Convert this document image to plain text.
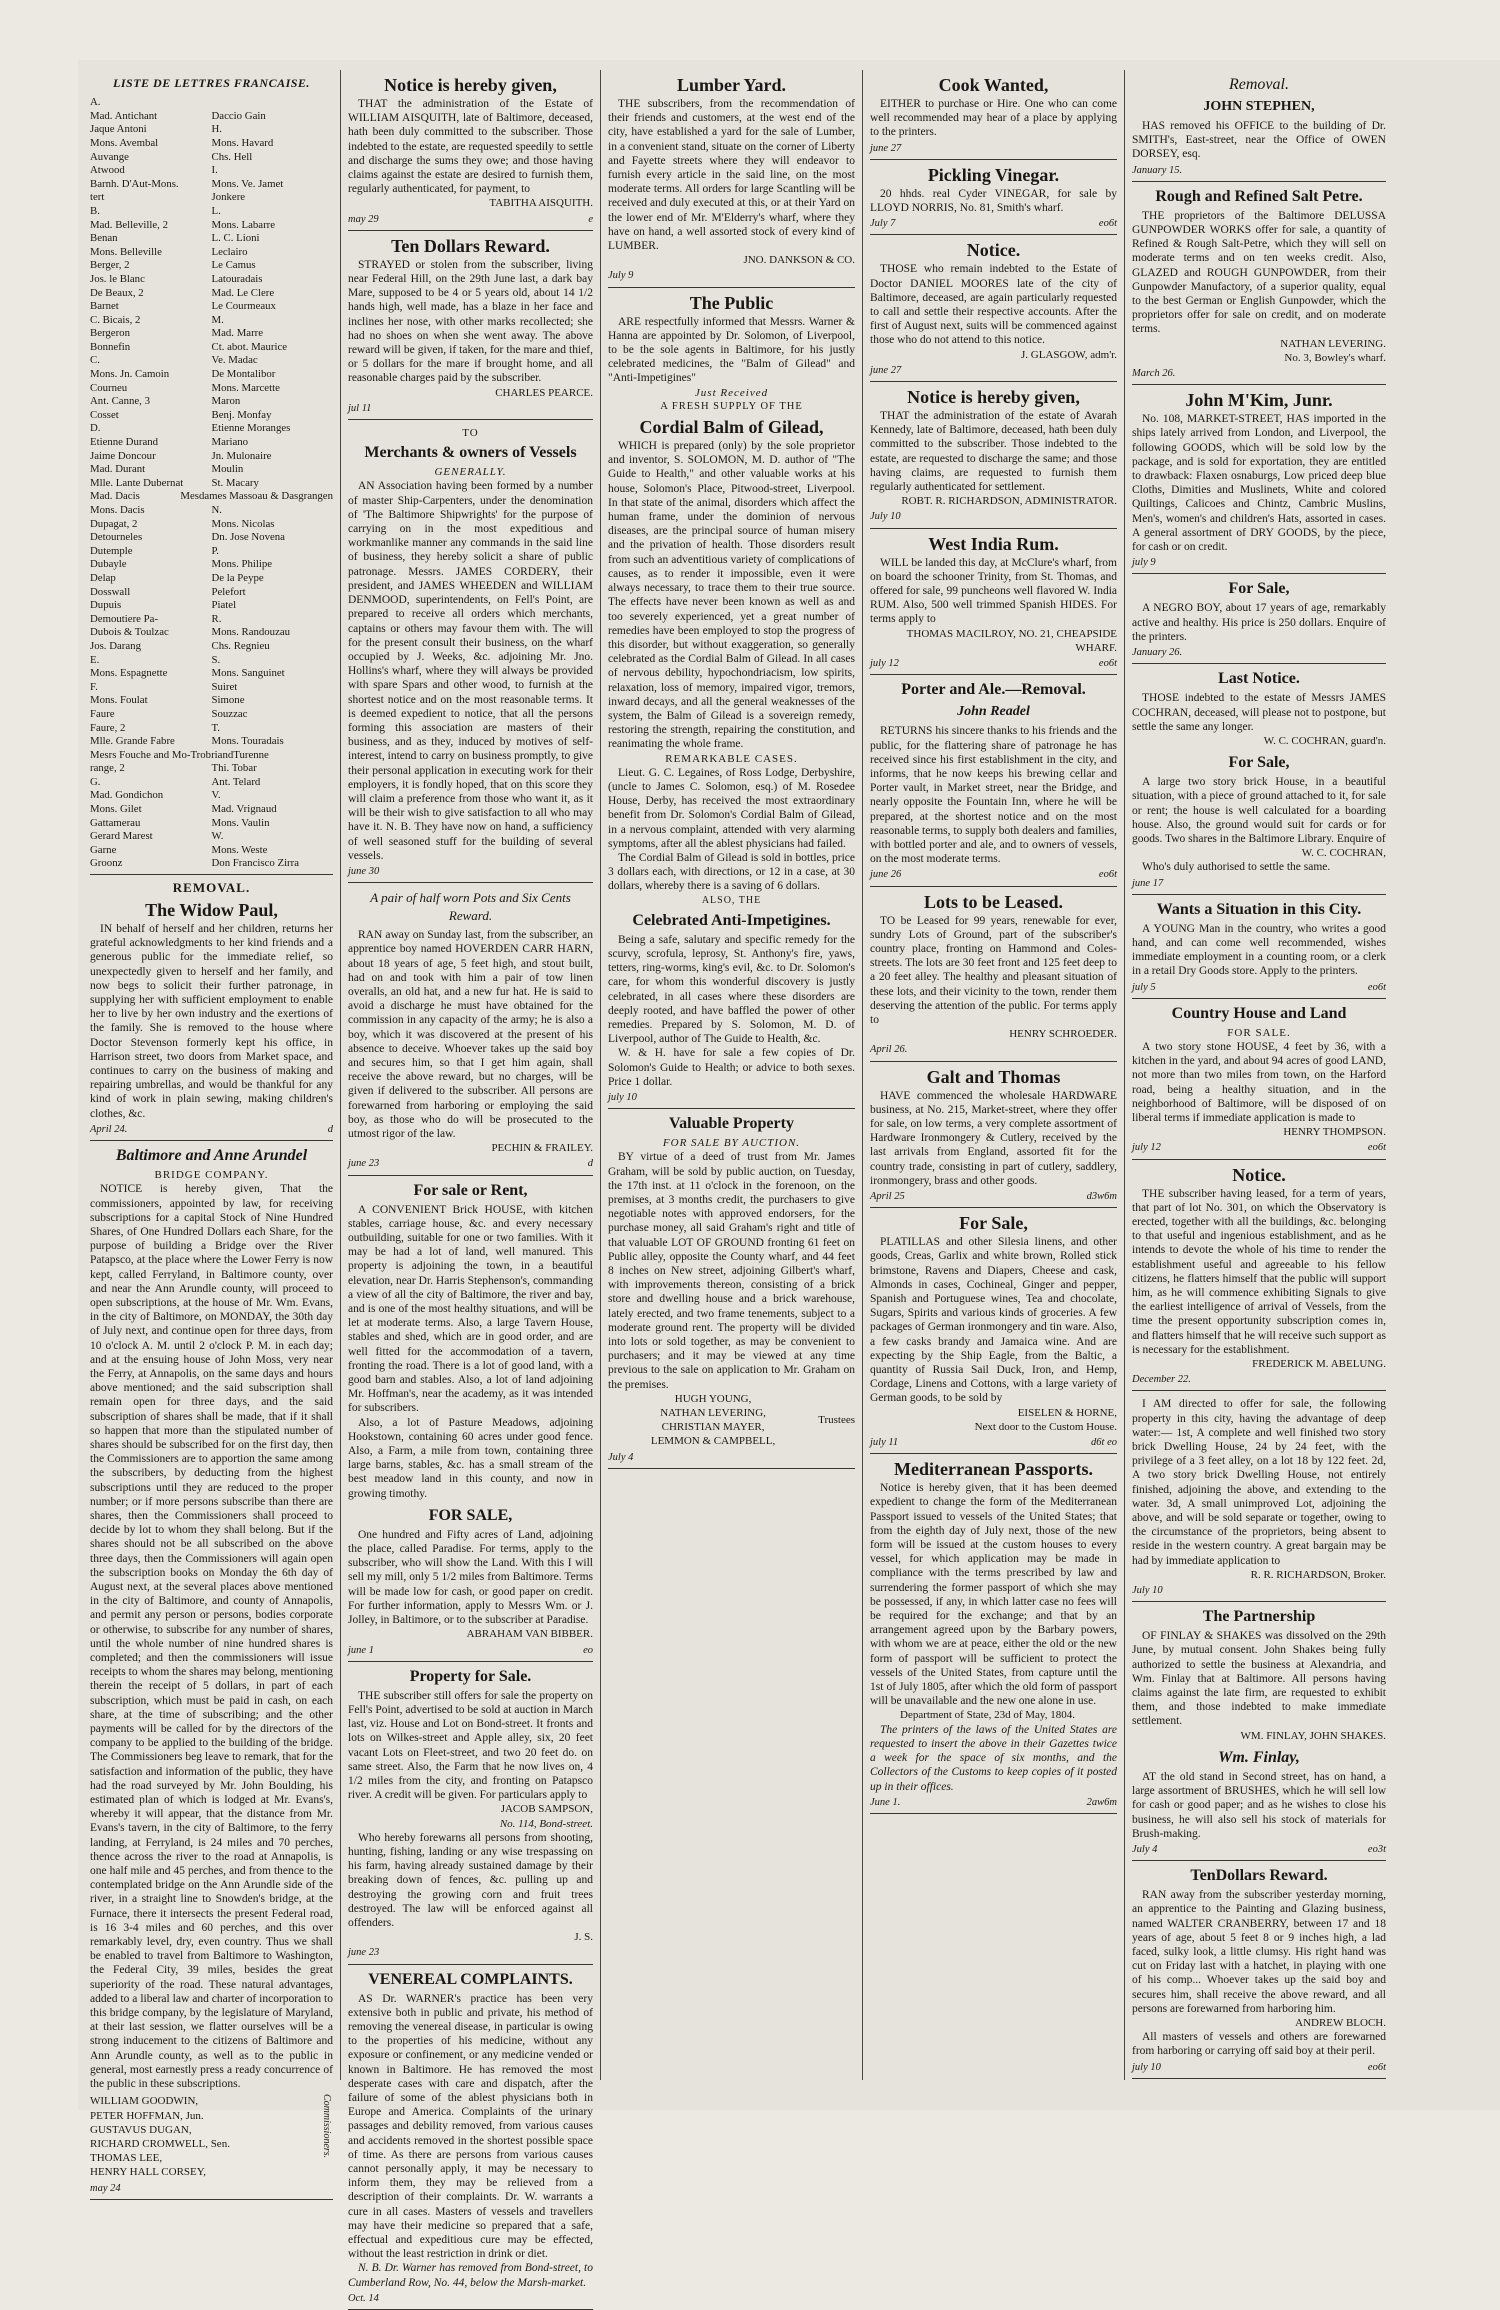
LISTE DE LETTRES FRANCAISE.
A.
Mad. Antichant	Daccio Gain
Jaque Antoni	H.
Mons. Avembal	Mons. Havard
Auvange	Chs. Hell
Atwood	I.
Barnh. D'Aut-Mons.	Mons. Ve. Jamet
tert	Jonkere
B.	L.
Mad. Belleville, 2	Mons. Labarre
Benan	L. C. Lioni
Mons. Belleville	Leclairo
Berger, 2	Le Camus
Jos. le Blanc	Latouradais
De Beaux, 2	Mad. Le Clere
Barnet	Le Courmeaux
C. Bicais, 2	M.
Bergeron	Mad. Marre
Bonnefin	Ct. abot. Maurice
C.	Ve. Madac
Mons. Jn. Camoin	De Montalibor
Courneu	Mons. Marcette
Ant. Canne, 3	Maron
Cosset	Benj. Monfay
D.	Etienne Moranges
Etienne Durand	Mariano
Jaime Doncour	Jn. Mulonaire
Mad. Durant	Moulin
Mlle. Lante Dubernat	St. Macary
Mad. Dacis	Mesdames Massoau & Dasgrangen
Mons. Dacis	N.
Dupagat, 2	Mons. Nicolas
Detourneles	Dn. Jose Novena
Dutemple	P.
Dubayle	Mons. Philipe
Delap	De la Peype
Dosswall	Pelefort
Dupuis	Piatel
Demoutiere Pa-	R.
Dubois & Toulzac	Mons. Randouzau
Jos. Darang	Chs. Regnieu
E.	S.
Mons. Espagnette	Mons. Sanguinet
F.	Suiret
Mons. Foulat	Simone
Faure	Souzzac
Faure, 2	T.
Mlle. Grande Fabre	Mons. Touradais
Mesrs Fouche and Mo-Trobriand Turenne
range, 2	Thi. Tobar
G.	Ant. Telard
Mad. Gondichon	V.
Mons. Gilet	Mad. Vrignaud
Gattamerau	Mons. Vaulin
Gerard Marest	W.
Garne	Mons. Weste
Groonz	Don Francisco Zirra
REMOVAL.
The Widow Paul,

IN behalf of herself and her children, returns her grateful acknowledgments to her kind friends and a generous public for the immediate relief, so unexpectedly given to herself and her family, and now begs to solicit their further patronage, in supplying her with sufficient employment to enable her to live by her own industry and the exertions of the family. She is removed to the house where Doctor Stevenson formerly kept his office, in Harrison street, two doors from Market space, and continues to carry on the business of making and repairing umbrellas, and would be thankful for any kind of work in plain sewing, making children's clothes, &c.

April 24.	d
Baltimore and Anne Arundel
BRIDGE COMPANY.

NOTICE is hereby given, That the commissioners, appointed by law, for receiving subscriptions for a capital Stock of Nine Hundred Shares, of One Hundred Dollars each Share, for the purpose of building a Bridge over the River Patapsco, at the place where the Lower Ferry is now kept, called Ferryland, in Baltimore county, over and near the Ann Arundle county, will proceed to open subscriptions, at the house of Mr. Wm. Evans, in the city of Baltimore, on MONDAY, the 30th day of July next, and continue open for three days, from 10 o'clock A. M. until 2 o'clock P. M. in each day; and at the ensuing house of John Moss, very near the Ferry, at Annapolis, on the same days and hours above mentioned; and the said subscription shall remain open for three days, and the said subscription of shares shall be made, that if it shall so happen that more than the stipulated number of shares should be subscribed for on the first day, then the Commissioners are to apportion the same among the subscribers, by deducting from the highest subscriptions until they are reduced to the proper number; or if more persons subscribe than there are shares, then the Commissioners shall proceed to decide by lot to whom they shall belong. But if the shares should not be all subscribed on the above three days, then the Commissioners will again open the subscription books on Monday the 6th day of August next, at the several places above mentioned in the city of Baltimore, and county of Annapolis, and permit any person or persons, bodies corporate or otherwise, to subscribe for any number of shares, until the whole number of nine hundred shares is completed; and then the commissioners will issue receipts to whom the shares may belong, mentioning therein the receipt of 5 dollars, in part of each subscription, which must be paid in cash, on each share, at the time of subscribing; and the other payments will be called for by the directors of the company to be applied to the building of the bridge. The Commissioners beg leave to remark, that for the satisfaction and information of the public, they have had the road surveyed by Mr. John Boulding, his estimated plan of which is lodged at Mr. Evans's, whereby it will appear, that the distance from Mr. Evans's tavern, in the city of Baltimore, to the ferry landing, at Ferryland, is 24 miles and 70 perches, thence across the river to the road at Annapolis, is one half mile and 45 perches, and from thence to the contemplated bridge on the Ann Arundle side of the river, in a straight line to Snowden's bridge, at the Furnace, there it intersects the present Federal road, is 16 3-4 miles and 60 perches, and this over remarkably level, dry, even country. Thus we shall be enabled to travel from Baltimore to Washington, the Federal City, 39 miles, besides the great superiority of the road. These natural advantages, added to a liberal law and charter of incorporation to this bridge company, by the legislature of Maryland, at their last session, we flatter ourselves will be a strong inducement to the citizens of Baltimore and Ann Arundle county, as well as to the public in general, most earnestly press a ready concurrence of the public in these subscriptions.

WILLIAM GOODWIN,
PETER HOFFMAN, Jun.
GUSTAVUS DUGAN,
RICHARD CROMWELL, Sen.
THOMAS LEE,
HENRY HALL CORSEY,
Commissioners.
may 24
Notice is hereby given,

THAT the administration of the Estate of WILLIAM AISQUITH, late of Baltimore, deceased, hath been duly committed to the subscriber. Those indebted to the estate, are requested speedily to settle and discharge the sums they owe; and those having claims against the estate are desired to furnish them, regularly authenticated, for payment, to

TABITHA AISQUITH.
may 29	e
Ten Dollars Reward.

STRAYED or stolen from the subscriber, living near Federal Hill, on the 29th June last, a dark bay Mare, supposed to be 4 or 5 years old, about 14 1/2 hands high, well made, has a blaze in her face and inclines her nose, with other marks recollected; she had no shoes on when she went away. The above reward will be given, if taken, for the mare and thief, or 5 dollars for the mare if brought home, and all reasonable charges paid by the subscriber.

CHARLES PEARCE.
jul 11
TO
Merchants & owners of Vessels
GENERALLY.

AN Association having been formed by a number of master Ship-Carpenters, under the denomination of 'The Baltimore Shipwrights' for the purpose of carrying on in the most expeditious and workmanlike manner any commands in the said line of business, they hereby solicit a share of public patronage. Messrs. JAMES CORDERY, their president, and JAMES WHEEDEN and WILLIAM DENMOOD, superintendents, on Fell's Point, are prepared to receive all orders which merchants, captains or others may favour them with. The will for the present consult their business, on the wharf occupied by J. Weeks, &c. adjoining Mr. Jno. Hollins's wharf, where they will always be provided with spare Spars and other wood, to furnish at the shortest notice and on the most reasonable terms. It is deemed expedient to notice, that all the persons forming this association are masters of their business, and as they, induced by motives of self-interest, intend to carry on business promptly, to give their personal application in executing work for their employers, it is fondly hoped, that on this score they will claim a preference from those who want it, as it will be their wish to give satisfaction to all who may have it. N. B. They have now on hand, a sufficiency of well seasoned stuff for the building of several vessels.

june 30
A pair of half worn Pots and Six Cents Reward.

RAN away on Sunday last, from the subscriber, an apprentice boy named HOVERDEN CARR HARN, about 18 years of age, 5 feet high, and stout built, had on and took with him a pair of tow linen overalls, an old hat, and a new fur hat. He is said to avoid a discharge he must have obtained for the commission in any capacity of the army; he is also a boy, which it was discovered at the present of his absence to deceive. Whoever takes up the said boy and secures him, so that I get him again, shall receive the above reward, but no charges, will be given if delivered to the subscriber. All persons are forewarned from harboring or employing the said boy, as those who do will be prosecuted to the utmost rigor of the law.

PECHIN & FRAILEY.
june 23	d
For sale or Rent,

A CONVENIENT Brick HOUSE, with kitchen stables, carriage house, &c. and every necessary outbuilding, suitable for one or two families. With it may be had a lot of land, well manured. This property is adjoining the town, in a beautiful elevation, near Dr. Harris Stephenson's, commanding a view of all the city of Baltimore, the river and bay, and is one of the most healthy situations, and will be let at moderate terms. Also, a large Tavern House, stables and shed, which are in good order, and are well fitted for the accommodation of a tavern, fronting the road. There is a lot of good land, with a good barn and stables. Also, a lot of land adjoining Mr. Hoffman's, near the academy, as it was intended for subscribers.

Also, a lot of Pasture Meadows, adjoining Hookstown, containing 60 acres under good fence. Also, a Farm, a mile from town, containing three large barns, stables, &c. has a small stream of the best meadow land in this county, and now in growing timothy.

FOR SALE,

One hundred and Fifty acres of Land, adjoining the place, called Paradise. For terms, apply to the subscriber, who will show the Land. With this I will sell my mill, only 5 1/2 miles from Baltimore. Terms will be made low for cash, or good paper on credit. For further information, apply to Messrs Wm. or J. Jolley, in Baltimore, or to the subscriber at Paradise.

ABRAHAM VAN BIBBER.
june 1	eo
Property for Sale.

THE subscriber still offers for sale the property on Fell's Point, advertised to be sold at auction in March last, viz. House and Lot on Bond-street. It fronts and lots on Wilkes-street and Apple alley, six, 20 feet vacant Lots on Fleet-street, and two 20 feet do. on same street. Also, the Farm that he now lives on, 4 1/2 miles from the city, and fronting on Patapsco river. A credit will be given. For particulars apply to

JACOB SAMPSON,
No. 114, Bond-street.

Who hereby forewarns all persons from shooting, hunting, fishing, landing or any wise trespassing on his farm, having already sustained damage by their breaking down of fences, &c. pulling up and destroying the growing corn and fruit trees destroyed. The law will be enforced against all offenders.

J. S.
june 23
VENEREAL COMPLAINTS.

AS Dr. WARNER's practice has been very extensive both in public and private, his method of removing the venereal disease, in particular is owing to the properties of his medicine, without any exposure or confinement, or any medicine vended or known in Baltimore. He has removed the most desperate cases with care and dispatch, after the failure of some of the ablest physicians both in Europe and America. Complaints of the urinary passages and debility removed, from various causes and accidents removed in the shortest possible space of time. As there are persons from various causes cannot personally apply, it may be necessary to inform them, they may be relieved from a description of their complaints. Dr. W. warrants a cure in all cases. Masters of vessels and travellers may have their medicine so prepared that a safe, effectual and expeditious cure may be effected, without the least restriction in drink or diet.

N. B. Dr. Warner has removed from Bond-street, to Cumberland Row, No. 44, below the Marsh-market.

Oct. 14
Lumber Yard.

THE subscribers, from the recommendation of their friends and customers, at the west end of the city, have established a yard for the sale of Lumber, in a convenient stand, situate on the corner of Liberty and Fayette streets where they will endeavor to furnish every article in the said line, on the most moderate terms. All orders for large Scantling will be received and duly executed at this, or at their Yard on the lower end of Mr. M'Elderry's wharf, where they have on hand, a well assorted stock of every kind of LUMBER.

JNO. DANKSON & CO.
July 9
The Public

ARE respectfully informed that Messrs. Warner & Hanna are appointed by Dr. Solomon, of Liverpool, to be the sole agents in Baltimore, for his justly celebrated medicines, the "Balm of Gilead" and "Anti-Impetigines"

Just Received
A FRESH SUPPLY OF THE
Cordial Balm of Gilead,

WHICH is prepared (only) by the sole proprietor and inventor, S. SOLOMON, M. D. author of "The Guide to Health," and other valuable works at his house, Solomon's Place, Pitwood-street, Liverpool. In that state of the animal, disorders which affect the human frame, under the dominion of nervous diseases, are the principal source of human misery and the privation of health. Those disorders result from such an adventitious variety of complications of causes, as to render it impossible, even it were always necessary, to trace them to their true source. The effects have never been known as well as and too severely experienced, yet a great number of remedies have been employed to stop the progress of this disorder, but without exaggeration, so generally celebrated as the Cordial Balm of Gilead. In all cases of nervous debility, hypochondriacism, low spirits, relaxation, loss of memory, impaired vigor, tremors, inward decays, and all the general weaknesses of the system, the Balm of Gilead is a sovereign remedy, restoring the strength, repairing the constitution, and reanimating the whole frame.

REMARKABLE CASES.

Lieut. G. C. Legaines, of Ross Lodge, Derbyshire, (uncle to James C. Solomon, esq.) of M. Rosedee House, Derby, has received the most extraordinary benefit from Dr. Solomon's Cordial Balm of Gilead, in a nervous complaint, attended with very alarming symptoms, after all the ablest physicians had failed.

The Cordial Balm of Gilead is sold in bottles, price 3 dollars each, with directions, or 12 in a case, at 30 dollars, whereby there is a saving of 6 dollars.

ALSO, THE
Celebrated Anti-Impetigines.

Being a safe, salutary and specific remedy for the scurvy, scrofula, leprosy, St. Anthony's fire, yaws, tetters, ring-worms, king's evil, &c. to Dr. Solomon's care, for whom this wonderful discovery is justly celebrated, in all cases where these disorders are deeply rooted, and have baffled the power of other remedies. Prepared by S. Solomon, M. D. of Liverpool, author of The Guide to Health, &c.

W. & H. have for sale a few copies of Dr. Solomon's Guide to Health; or advice to both sexes. Price 1 dollar.

july 10
Valuable Property
FOR SALE BY AUCTION.

BY virtue of a deed of trust from Mr. James Graham, will be sold by public auction, on Tuesday, the 17th inst. at 11 o'clock in the forenoon, on the premises, at 3 months credit, the purchasers to give negotiable notes with approved endorsers, for the purchase money, all said Graham's right and title of that valuable LOT OF GROUND fronting 61 feet on Public alley, opposite the County wharf, and 44 feet 8 inches on New street, adjoining Gilbert's wharf, with improvements thereon, consisting of a brick store and dwelling house and a brick warehouse, lately erected, and two frame tenements, subject to a moderate ground rent. The property will be divided into lots or sold together, as may be convenient to purchasers; and it may be viewed at any time previous to the sale on application to Mr. Graham on the premises.

HUGH YOUNG,
NATHAN LEVERING,
CHRISTIAN MAYER,
LEMMON & CAMPBELL,
Trustees
July 4
Cook Wanted,

EITHER to purchase or Hire. One who can come well recommended may hear of a place by applying to the printers.

june 27
Pickling Vinegar.

20 hhds. real Cyder VINEGAR, for sale by LLOYD NORRIS, No. 81, Smith's wharf.

July 7	eo6t
Notice.

THOSE who remain indebted to the Estate of Doctor DANIEL MOORES late of the city of Baltimore, deceased, are again particularly requested to call and settle their respective accounts. After the first of August next, suits will be commenced against those who do not attend to this notice.

J. GLASGOW, adm'r.
june 27
Notice is hereby given,

THAT the administration of the estate of Avarah Kennedy, late of Baltimore, deceased, hath been duly committed to the subscriber. Those indebted to the estate, are requested to discharge the same; and those having claims, are requested to furnish them regularly authenticated for settlement.

ROBT. R. RICHARDSON, ADMINISTRATOR.
July 10
West India Rum.

WILL be landed this day, at McClure's wharf, from on board the schooner Trinity, from St. Thomas, and offered for sale, 99 puncheons well flavored W. India RUM. Also, 500 well trimmed Spanish HIDES. For terms apply to

THOMAS MACILROY, NO. 21, CHEAPSIDE WHARF.
july 12	eo6t
Porter and Ale.—Removal.
John Readel

RETURNS his sincere thanks to his friends and the public, for the flattering share of patronage he has received since his first establishment in the city, and informs, that he now keeps his brewing cellar and Porter vault, in Market street, near the Bridge, and nearly opposite the Fountain Inn, where he will be prepared, at the shortest notice and on the most reasonable terms, to supply both dealers and families, with bottled porter and ale, and to owners of vessels, on the most moderate terms.

june 26	eo6t
Lots to be Leased.

TO be Leased for 99 years, renewable for ever, sundry Lots of Ground, part of the subscriber's country place, fronting on Hammond and Coles-streets. The lots are 30 feet front and 125 feet deep to a 20 feet alley. The healthy and pleasant situation of these lots, and their vicinity to the town, render them deserving the attention of the public. For terms apply to

HENRY SCHROEDER.
April 26.
Galt and Thomas

HAVE commenced the wholesale HARDWARE business, at No. 215, Market-street, where they offer for sale, on low terms, a very complete assortment of Hardware Ironmongery & Cutlery, received by the last arrivals from England, assorted fit for the country trade, consisting in part of cutlery, saddlery, ironmongery, brass and other goods.

April 25	d3w6m
For Sale,

PLATILLAS and other Silesia linens, and other goods, Creas, Garlix and white brown, Rolled stick brimstone, Ravens and Diapers, Cheese and cask, Almonds in cases, Cochineal, Ginger and pepper, Spanish and Portuguese wines, Tea and chocolate, Sugars, Spirits and various kinds of groceries. A few packages of German ironmongery and tin ware. Also, a few casks brandy and Jamaica wine. And are expecting by the Ship Eagle, from the Baltic, a quantity of Russia Sail Duck, Iron, and Hemp, Cordage, Linens and Cottons, with a large variety of German goods, to be sold by

EISELEN & HORNE,
Next door to the Custom House.
july 11	d6t eo
Mediterranean Passports.

Notice is hereby given, that it has been deemed expedient to change the form of the Mediterranean Passport issued to vessels of the United States; that from the eighth day of July next, those of the new form will be issued at the custom houses to every vessel, for which application may be made in compliance with the terms prescribed by law and surrendering the former passport of which she may be possessed, if any, in which latter case no fees will be required for the exchange; and that by an arrangement agreed upon by the Barbary powers, with whom we are at peace, either the old or the new form of passport will be sufficient to protect the vessels of the United States, from capture until the 1st of July 1805, after which the old form of passport will be unavailable and the new one alone in use.

Department of State, 23d of May, 1804.

The printers of the laws of the United States are requested to insert the above in their Gazettes twice a week for the space of six months, and the Collectors of the Customs to keep copies of it posted up in their offices.

June 1.	2aw6m
Removal.
JOHN STEPHEN,

HAS removed his OFFICE to the building of Dr. SMITH's, East-street, near the Office of OWEN DORSEY, esq.

January 15.
Rough and Refined Salt Petre.

THE proprietors of the Baltimore DELUSSA GUNPOWDER WORKS offer for sale, a quantity of Refined & Rough Salt-Petre, which they will sell on moderate terms and on ten weeks credit. Also, GLAZED and ROUGH GUNPOWDER, from their Gunpowder Manufactory, of a superior quality, equal to the best German or English Gunpowder, which the proprietors offer for sale on credit, and on moderate terms.

NATHAN LEVERING.
No. 3, Bowley's wharf.
March 26.
John M'Kim, Junr.

No. 108, MARKET-STREET, HAS imported in the ships lately arrived from London, and Liverpool, the following GOODS, which will be sold low by the package, and is sold for exportation, they are entitled to drawback: Flaxen osnaburgs, Low priced deep blue Cloths, Dimities and Muslinets, White and colored Quiltings, Calicoes and Chintz, Cambric Muslins, Men's, women's and children's Hats, assorted in cases. A general assortment of DRY GOODS, by the piece, for cash or on credit.

july 9
For Sale,

A NEGRO BOY, about 17 years of age, remarkably active and healthy. His price is 250 dollars. Enquire of the printers.

January 26.
Last Notice.

THOSE indebted to the estate of Messrs JAMES COCHRAN, deceased, will please not to postpone, but settle the same any longer.

W. C. COCHRAN, guard'n.
For Sale,

A large two story brick House, in a beautiful situation, with a piece of ground attached to it, for sale or rent; the house is well calculated for a boarding house. Also, the ground would suit for cards or for goods. Two shares in the Baltimore Library. Enquire of

W. C. COCHRAN,

Who's duly authorised to settle the same.

june 17
Wants a Situation in this City.

A YOUNG Man in the country, who writes a good hand, and can come well recommended, wishes immediate employment in a counting room, or a clerk in a retail Dry Goods store. Apply to the printers.

july 5	eo6t
Country House and Land
FOR SALE.

A two story stone HOUSE, 4 feet by 36, with a kitchen in the yard, and about 94 acres of good LAND, not more than two miles from town, on the Harford road, being a healthy situation, and in the neighborhood of Baltimore, will be disposed of on liberal terms if immediate application is made to

HENRY THOMPSON.
july 12	eo6t
Notice.

THE subscriber having leased, for a term of years, that part of lot No. 301, on which the Observatory is erected, together with all the buildings, &c. belonging to that useful and ingenious establishment, and as he intends to devote the whole of his time to render the establishment useful and agreeable to his fellow citizens, he flatters himself that the public will support him, as he will commence exhibiting Signals to give the earliest intelligence of arrival of Vessels, from the time the present opportunity subscription comes in, and flatters himself that he will receive such support as is necessary for the establishment.

FREDERICK M. ABELUNG.
December 22.

I AM directed to offer for sale, the following property in this city, having the advantage of deep water:— 1st, A complete and well finished two story brick Dwelling House, 24 by 24 feet, with the privilege of a 3 feet alley, on a lot 18 by 122 feet. 2d, A two story brick Dwelling House, not entirely finished, adjoining the above, and extending to the water. 3d, A small unimproved Lot, adjoining the above, and will be sold separate or together, owing to the circumstance of the proprietors, being absent to reside in the western country. A great bargain may be had by immediate application to

R. R. RICHARDSON, Broker.
July 10
The Partnership

OF FINLAY & SHAKES was dissolved on the 29th June, by mutual consent. John Shakes being fully authorized to settle the business at Alexandria, and Wm. Finlay that at Baltimore. All persons having claims against the late firm, are requested to exhibit them, and those indebted to make immediate settlement.

WM. FINLAY, JOHN SHAKES.
Wm. Finlay,

AT the old stand in Second street, has on hand, a large assortment of BRUSHES, which he will sell low for cash or good paper; and as he wishes to close his business, he will also sell his stock of materials for Brush-making.

July 4	eo3t
TenDollars Reward.

RAN away from the subscriber yesterday morning, an apprentice to the Painting and Glazing business, named WALTER CRANBERRY, between 17 and 18 years of age, about 5 feet 8 or 9 inches high, a lad faced, sulky look, a little clumsy. His right hand was cut on Friday last with a hatchet, in playing with one of his comp... Whoever takes up the said boy and secures him, shall receive the above reward, and all persons are forewarned from harboring him.

ANDREW BLOCH.

All masters of vessels and others are forewarned from harboring or carrying off said boy at their peril.

july 10	eo6t
